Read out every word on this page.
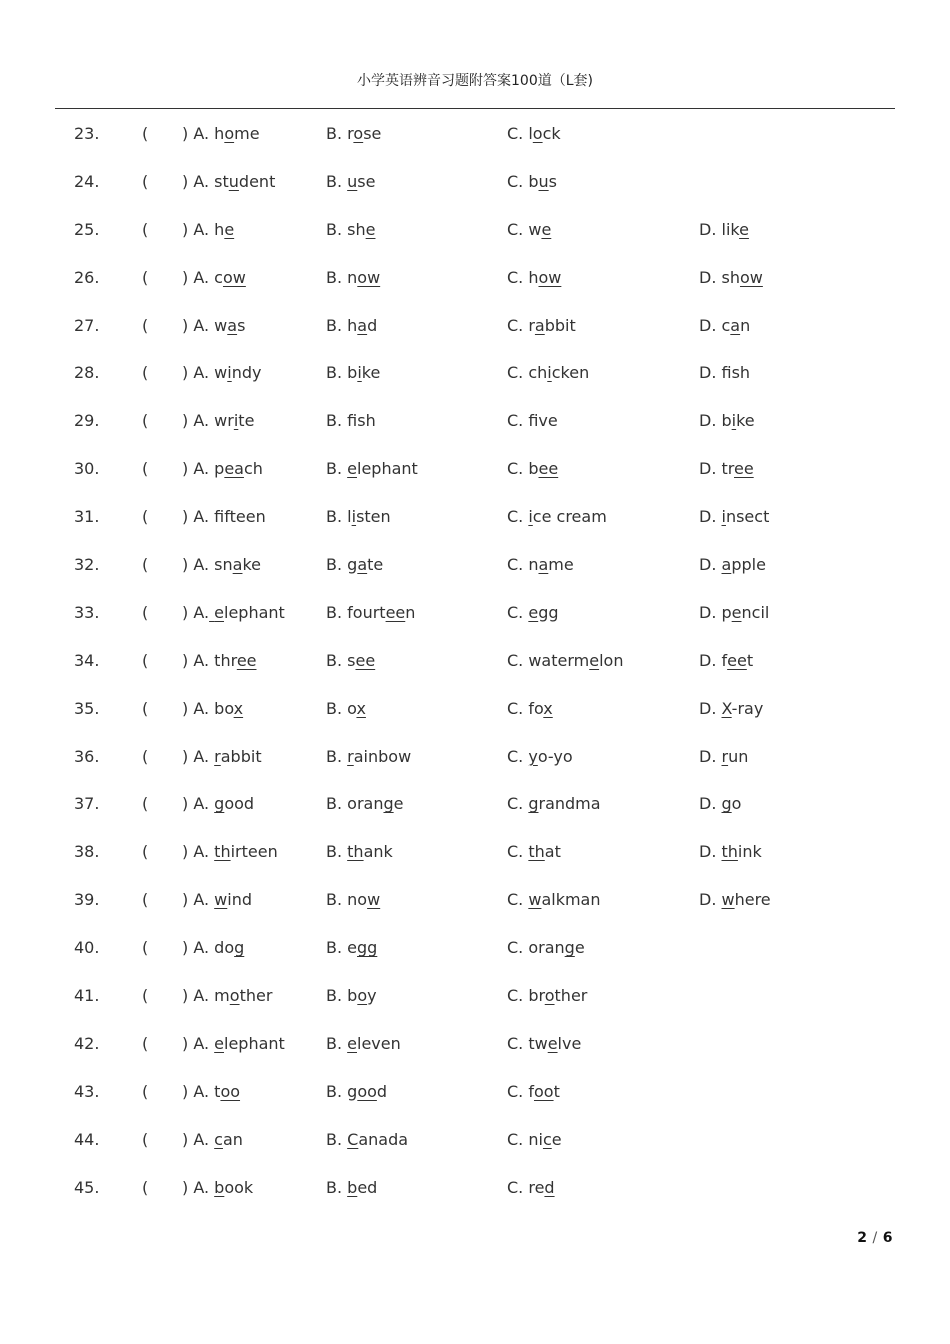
小学英语辨音习题附答案100道（L套)
23.	( ) A. home	B. rose	C. lock
24.	( ) A. student	B. use	C. bus
25.	( ) A. he	B. she	C. we	D. like
26.	( ) A. cow	B. now	C. how	D. show
27.	( ) A. was	B. had	C. rabbit	D. can
28.	( ) A. windy	B. bike	C. chicken	D. fsh
29.	( ) A. write	B. fsh	C. fve	D. bike
30.	( ) A. peach	B. elephant	C. bee	D. tree
31.	( ) A. ffteen	B. listen	C. ice cream	D. insect
32.	( ) A. snake	B. gate	C. name	D. apple
33.	( ) A. elephant	B. fourteen	C. egg	D. pencil
34.	( ) A. three	B. see	C. watermelon	D. feet
35.	( ) A. box	B. ox	C. fox	D. X-ray
36.	( ) A. rabbit	B. rainbow	C. yo-yo	D. run
37.	( ) A. good	B. orange	C. grandma	D. go
38.	( ) A. thirteen	B. thank	C. that	D. think
39.	( ) A. wind	B. now	C. walkman	D. where
40.	( ) A. dog	B. egg	C. orange
41.	( ) A. mother	B. boy	C. brother
42.	( ) A. elephant	B. eleven	C. twelve
43.	( ) A. too	B. good	C. foot
44.	( ) A. can	B. Canada	C. nice
45.	( ) A. book	B. bed	C. red
2 / 6
